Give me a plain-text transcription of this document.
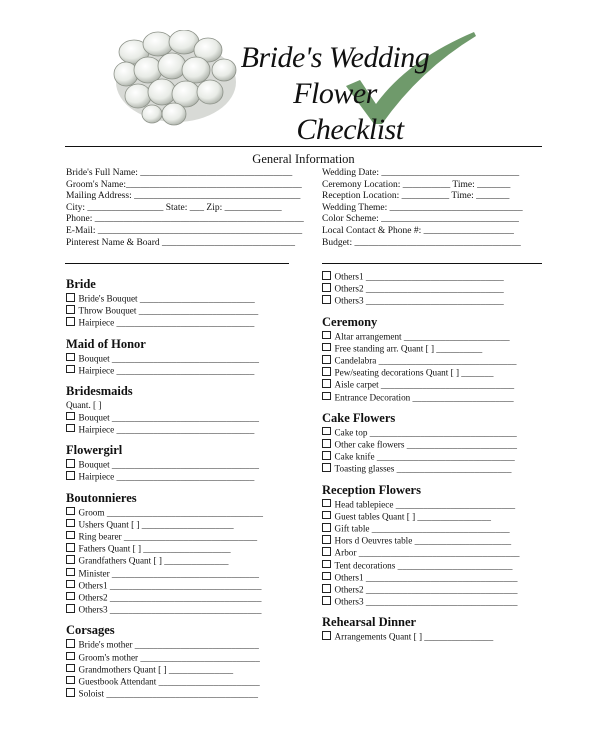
Bride's Wedding Flower
Checklist
General Information
Bride's Full Name: ________________________________
Groom's Name:_____________________________________
Mailing Address: ___________________________________
City: ________________ State: ___ Zip: ____________
Phone: ____________________________________________
E-Mail: ___________________________________________
Pinterest Name & Board ____________________________
Wedding Date: _____________________________
Ceremony Location: __________ Time: _______
Reception Location: __________ Time: _______
Wedding Theme: ____________________________
Color Scheme: _____________________________
Local Contact & Phone #: ___________________
Budget: ___________________________________
Bride
Bride's Bouquet _________________________
Throw Bouquet __________________________
Hairpiece ______________________________
Maid of Honor
Bouquet ________________________________
Hairpiece ______________________________
Bridesmaids
Quant. [ ]
Bouquet ________________________________
Hairpiece ______________________________
Flowergirl
Bouquet ________________________________
Hairpiece ______________________________
Boutonnieres
Groom __________________________________
Ushers Quant [ ] ____________________
Ring bearer _____________________________
Fathers Quant [ ] ___________________
Grandfathers Quant [ ] ______________
Minister ________________________________
Others1 _________________________________
Others2 _________________________________
Others3 _________________________________
Corsages
Bride's mother ___________________________
Groom's mother __________________________
Grandmothers Quant [ ] ______________
Guestbook Attendant ______________________
Soloist _________________________________
Others1 ______________________________
Others2 ______________________________
Others3 ______________________________
Ceremony
Altar arrangement _______________________
Free standing arr. Quant [ ] __________
Candelabra ______________________________
Pew/seating decorations Quant [ ] _______
Aisle carpet _____________________________
Entrance Decoration ______________________
Cake Flowers
Cake top ________________________________
Other cake flowers ________________________
Cake knife ______________________________
Toasting glasses _________________________
Reception Flowers
Head tablepiece __________________________
Guest tables Quant [ ] ________________
Gift table ______________________________
Hors d Oeuvres table _____________________
Arbor ___________________________________
Tent decorations _________________________
Others1 _________________________________
Others2 _________________________________
Others3 _________________________________
Rehearsal Dinner
Arrangements Quant [ ] _______________
